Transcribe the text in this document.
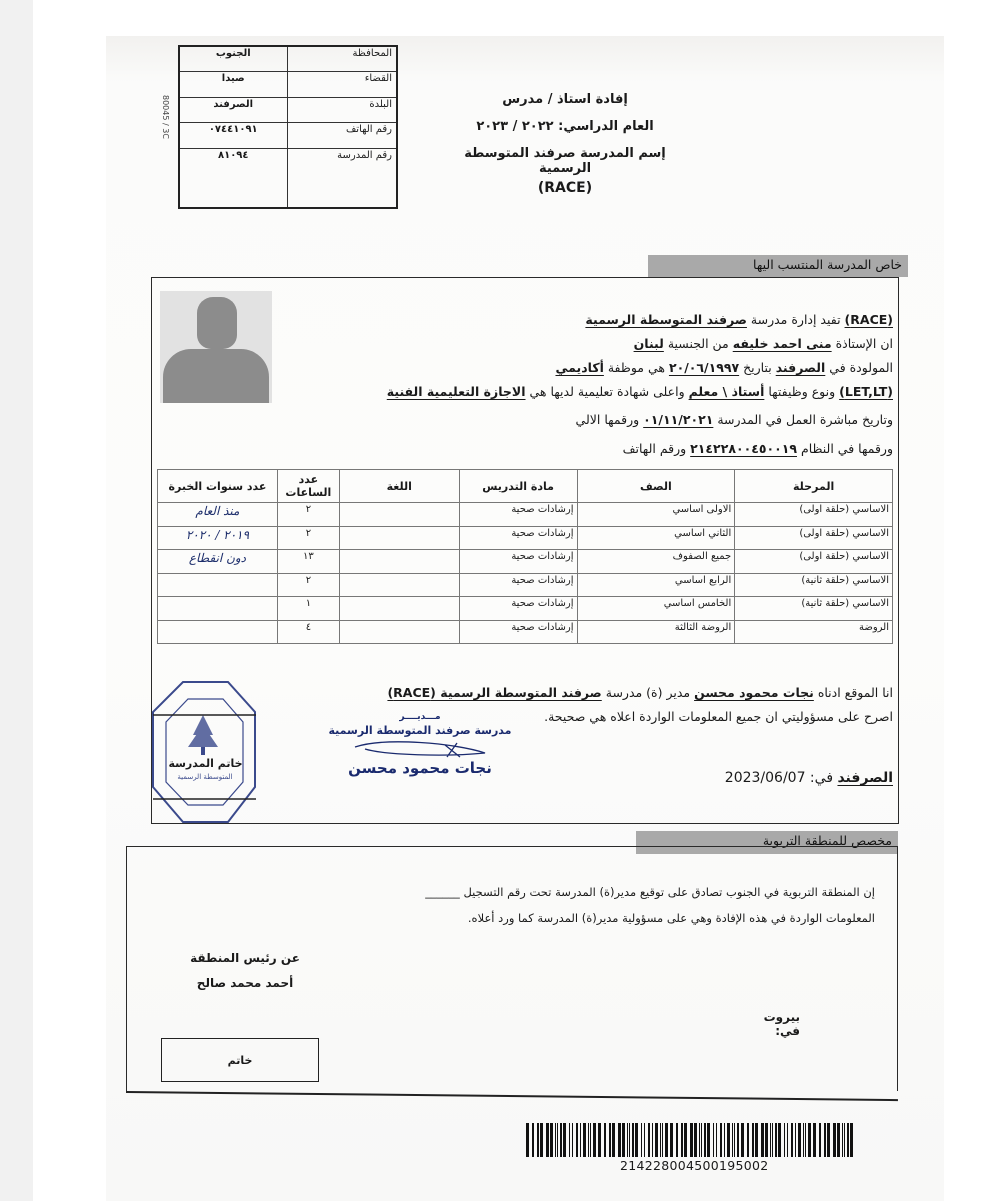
80045 / 3C
المحافظة	الجنوب
القضاء	صيدا
البلدة	الصرفند
رقم الهاتف	٠٧٤٤١٠٩١
رقم المدرسة	٨١٠٩٤
إفادة استاذ / مدرس
العام الدراسي: ٢٠٢٢ / ٢٠٢٣
إسم المدرسة صرفند المتوسطة الرسمية
(RACE)
خاص المدرسة المنتسب اليها
(RACE) تفيد إدارة مدرسة صرفند المتوسطة الرسمية
ان الإستاذة منى احمد خليفه من الجنسية لبنان
المولودة في الصرفند بتاريخ ٢٠/٠٦/١٩٩٧ هي موظفة أكاديمي
(LET,LT) ونوع وظيفتها أستاذ \ معلم واعلى شهادة تعليمية لديها هي الاجازة التعليمية الفنية
وتاريخ مباشرة العمل في المدرسة ٠١/١١/٢٠٢١ ورقمها الالي
ورقمها في النظام ٢١٤٢٢٨٠٠٤٥٠٠١٩ ورقم الهاتف
المرحلة	الصف	مادة التدريس	اللغة	عدد الساعات	عدد سنوات الخبرة
الاساسي (حلقة اولى)	الاولى اساسي	إرشادات صحية		٢	منذ العام
الاساسي (حلقة اولى)	الثاني اساسي	إرشادات صحية		٢	٢٠١٩ / ٢٠٢٠
الاساسي (حلقة اولى)	جميع الصفوف	إرشادات صحية		١٣	دون انقطاع
الاساسي (حلقة ثانية)	الرابع اساسي	إرشادات صحية		٢	
الاساسي (حلقة ثانية)	الخامس اساسي	إرشادات صحية		١	
الروضة	الروضة الثالثة	إرشادات صحية		٤	
انا الموقع ادناه نجات محمود محسن مدير (ة) مدرسة صرفند المتوسطة الرسمية (RACE)
اصرح على مسؤوليتي ان جميع المعلومات الواردة اعلاه هي صحيحة.
الصرفند في: 2023/06/07
خاتم المدرسة
المتوسطة الرسمية
مـــديــــر
مدرسة صرفند المتوسطة الرسمية
نجات محمود محسن
مخصص للمنطقة التربوية
إن المنطقة التربوية في الجنوب تصادق على توقيع مدير(ة) المدرسة تحت رقم التسجيل ______
المعلومات الواردة في هذه الإفادة وهي على مسؤولية مدير(ة) المدرسة كما ورد أعلاه.
عن رئيس المنطقة
أحمد محمد صالح
بيروت في:
خاتم
214228004500195002
